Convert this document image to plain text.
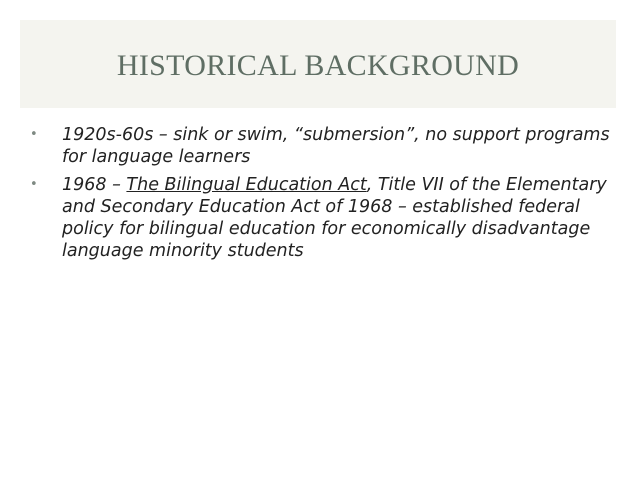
HISTORICAL BACKGROUND
•	1920s-60s – sink or swim, “submersion”, no support programs for language learners
•	1968 – The Bilingual Education Act, Title VII of the Elementary and Secondary Education Act of 1968 – established federal policy for bilingual education for economically disadvantage language minority students
